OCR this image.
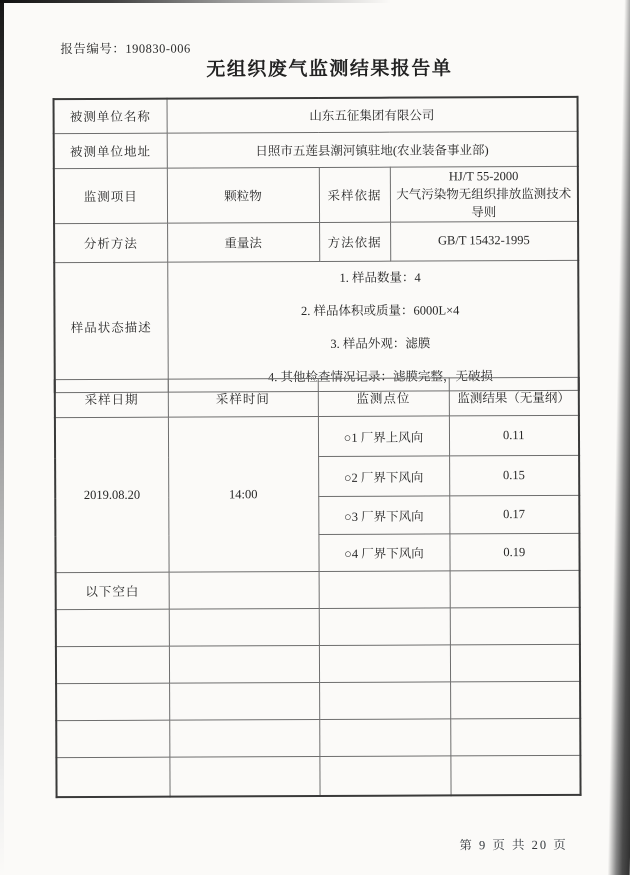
报告编号：190830-006
无组织废气监测结果报告单
被测单位名称	山东五征集团有限公司		
被测单位地址	日照市五莲县潮河镇驻地(农业装备事业部)		
监测项目	颗粒物	采样依据	HJ/T 55-2000
大气污染物无组织排放监测技术导则

分析方法	重量法	方法依据	GB/T 15432-1995
样品状态描述	1. 样品数量：4
2. 样品体积或质量：6000L×4
3. 样品外观：滤膜
4. 其他检查情况记录：滤膜完整，无破损		
采样日期	采样时间	监测点位	监测结果（无量纲）
2019.08.20	14:00	○1 厂界上风向	0.11
		○2 厂界下风向	0.15
		○3 厂界下风向	0.17
		○4 厂界下风向	0.19
以下空白			

第 9 页 共 20 页
